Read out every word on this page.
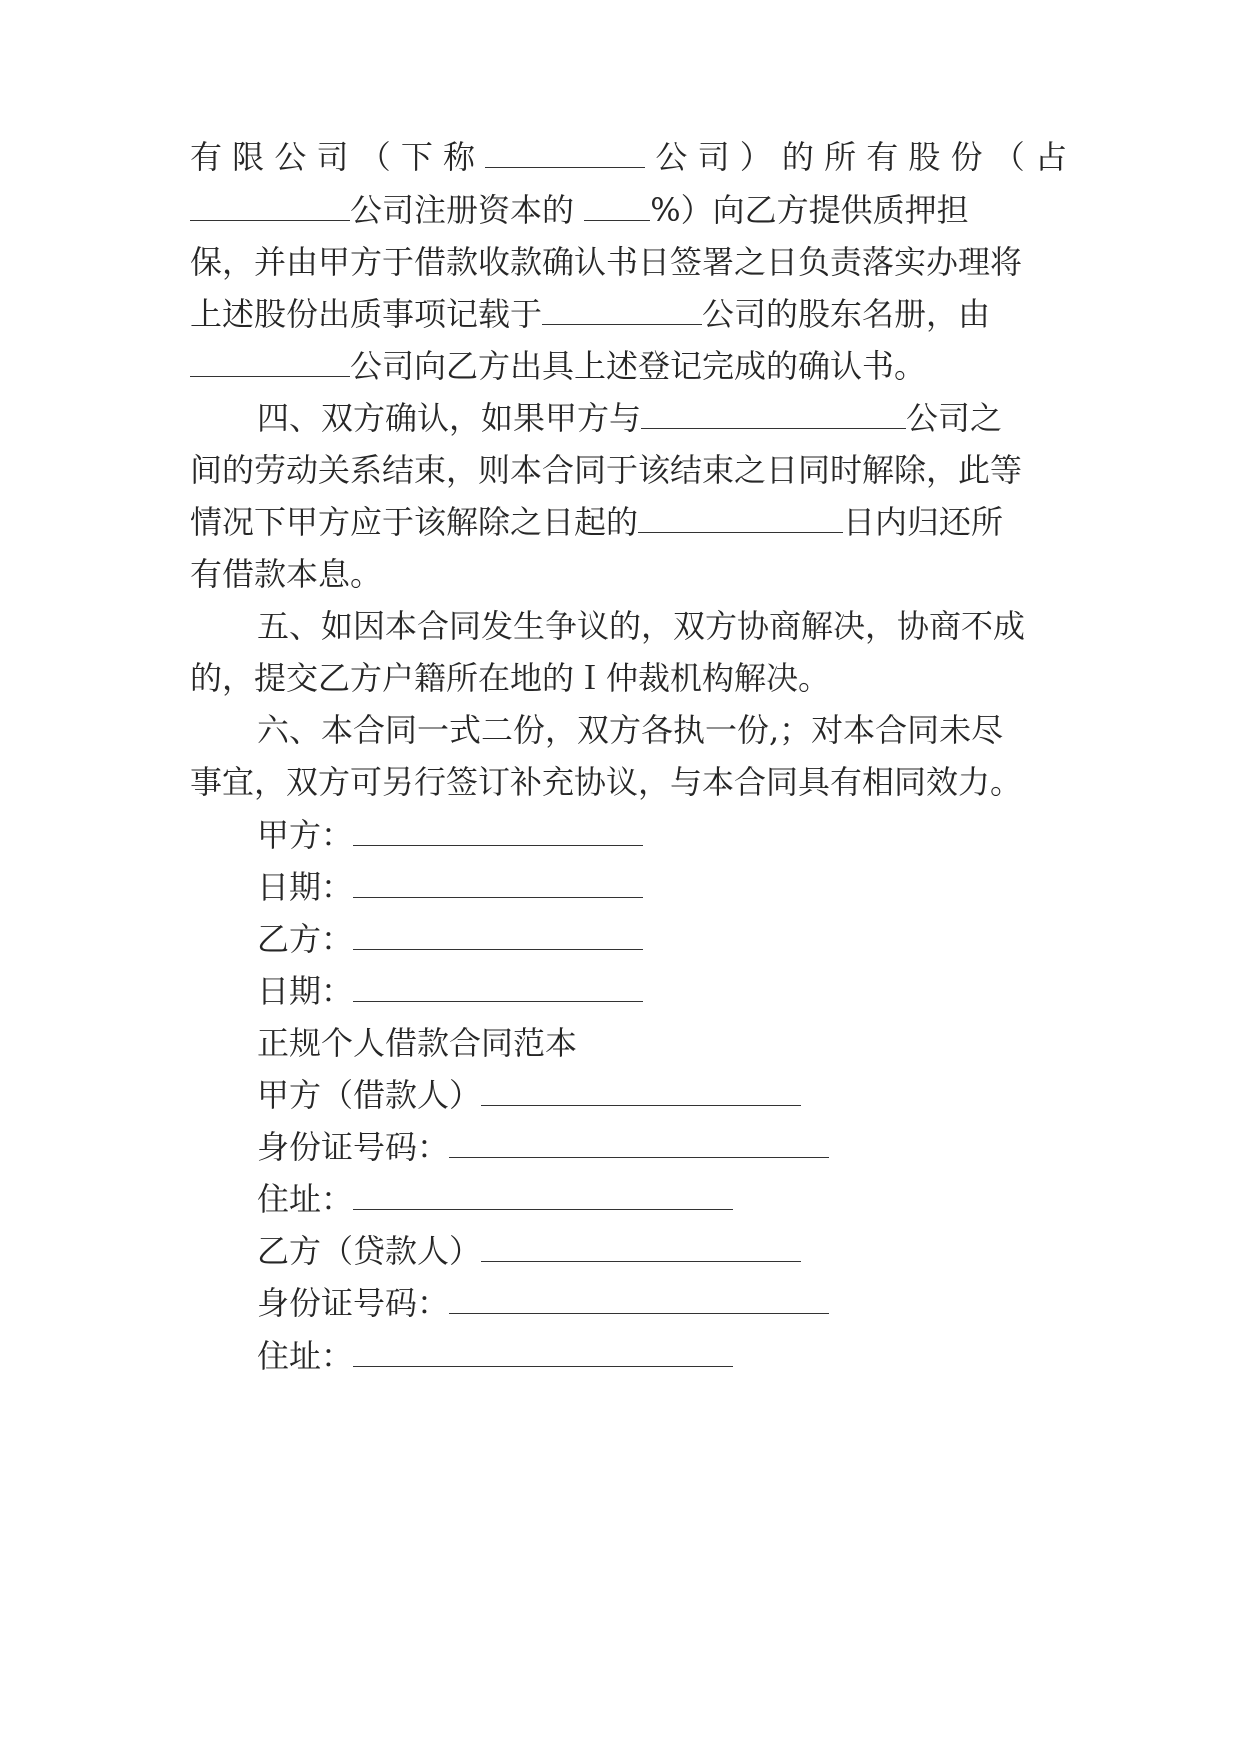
有 限 公 司 （ 下 称	公 司 ） 的 所 有 股 份 （ 占
公司注册资本的 %）向乙方提供质押担
保，并由甲方于借款收款确认书日签署之日负责落实办理将
上述股份出质事项记载于	公司的股东名册，由
公司向乙方出具上述登记完成的确认书。
四、双方确认，如果甲方与	公司之
间的劳动关系结束，则本合同于该结束之日同时解除，此等
情况下甲方应于该解除之日起的	日内归还所
有借款本息。
五、如因本合同发生争议的，双方协商解决，协商不成
的，提交乙方户籍所在地的Ｉ仲裁机构解决。
六、本合同一式二份，双方各执一份,；对本合同未尽
事宜，双方可另行签订补充协议，与本合同具有相同效力。
甲方：
日期：
乙方：
日期：
正规个人借款合同范本
甲方（借款人）
身份证号码：
住址：
乙方（贷款人）
身份证号码：
住址：
